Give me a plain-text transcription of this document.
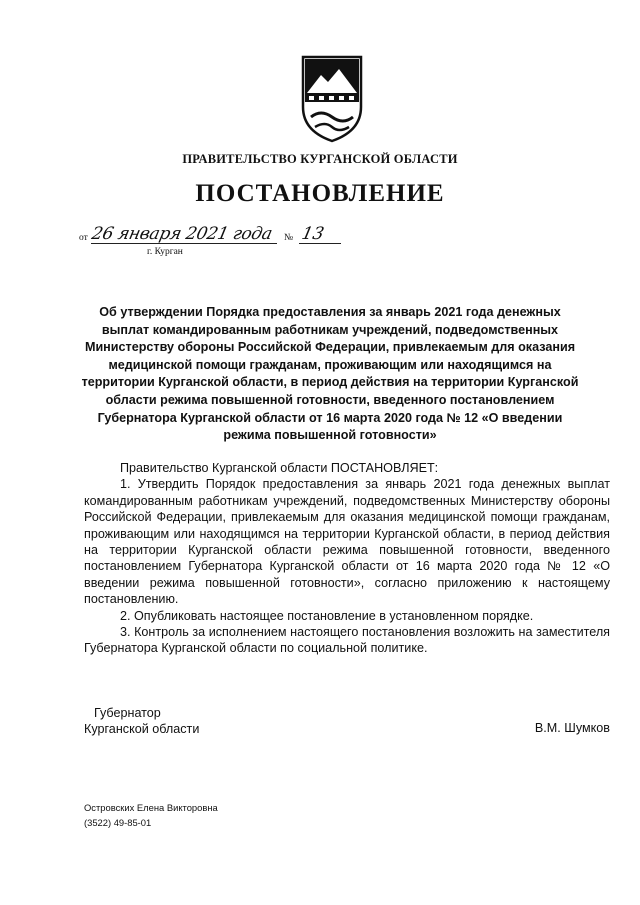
ПРАВИТЕЛЬСТВО КУРГАНСКОЙ ОБЛАСТИ
ПОСТАНОВЛЕНИЕ
от 26 января 2021 года № 13
г. Курган
Об утверждении Порядка предоставления за январь 2021 года денежных выплат командированным работникам учреждений, подведомственных Министерству обороны Российской Федерации, привлекаемым для оказания медицинской помощи гражданам, проживающим или находящимся на территории Курганской области, в период действия на территории Курганской области режима повышенной готовности, введенного постановлением Губернатора Курганской области от 16 марта 2020 года № 12 «О введении режима повышенной готовности»

Правительство Курганской области ПОСТАНОВЛЯЕТ:

1. Утвердить Порядок предоставления за январь 2021 года денежных выплат командированным работникам учреждений, подведомственных Министерству обороны Российской Федерации, привлекаемым для оказания медицинской помощи гражданам, проживающим или находящимся на территории Курганской области, в период действия на территории Курганской области режима повышенной готовности, введенного постановлением Губернатора Курганской области от 16 марта 2020 года № 12 «О введении режима повышенной готовности», согласно приложению к настоящему постановлению.

2. Опубликовать настоящее постановление в установленном порядке.

3. Контроль за исполнением настоящего постановления возложить на заместителя Губернатора Курганской области по социальной политике.

Губернатор
Курганской области	В.М. Шумков
Островских Елена Викторовна
(3522) 49-85-01
